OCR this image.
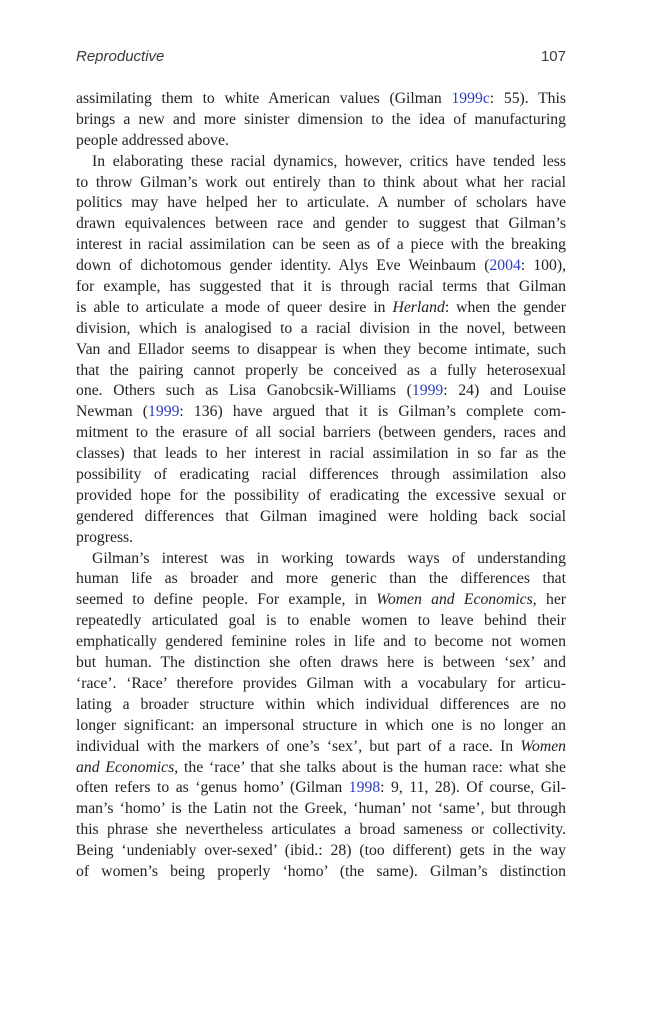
Reproductive	107
assimilating them to white American values (Gilman 1999c: 55). This
brings a new and more sinister dimension to the idea of manufacturing
people addressed above.
In elaborating these racial dynamics, however, critics have tended less
to throw Gilman’s work out entirely than to think about what her racial
politics may have helped her to articulate. A number of scholars have
drawn equivalences between race and gender to suggest that Gilman’s
interest in racial assimilation can be seen as of a piece with the breaking
down of dichotomous gender identity. Alys Eve Weinbaum (2004: 100),
for example, has suggested that it is through racial terms that Gilman
is able to articulate a mode of queer desire in Herland: when the gender
division, which is analogised to a racial division in the novel, between
Van and Ellador seems to disappear is when they become intimate, such
that the pairing cannot properly be conceived as a fully heterosexual
one. Others such as Lisa Ganobcsik-Williams (1999: 24) and Louise
Newman (1999: 136) have argued that it is Gilman’s complete com-
mitment to the erasure of all social barriers (between genders, races and
classes) that leads to her interest in racial assimilation in so far as the
possibility of eradicating racial differences through assimilation also
provided hope for the possibility of eradicating the excessive sexual or
gendered differences that Gilman imagined were holding back social
progress.
Gilman’s interest was in working towards ways of understanding
human life as broader and more generic than the differences that
seemed to define people. For example, in Women and Economics, her
repeatedly articulated goal is to enable women to leave behind their
emphatically gendered feminine roles in life and to become not women
but human. The distinction she often draws here is between ‘sex’ and
‘race’. ‘Race’ therefore provides Gilman with a vocabulary for articu-
lating a broader structure within which individual differences are no
longer significant: an impersonal structure in which one is no longer an
individual with the markers of one’s ‘sex’, but part of a race. In Women
and Economics, the ‘race’ that she talks about is the human race: what she
often refers to as ‘genus homo’ (Gilman 1998: 9, 11, 28). Of course, Gil-
man’s ‘homo’ is the Latin not the Greek, ‘human’ not ‘same’, but through
this phrase she nevertheless articulates a broad sameness or collectivity.
Being ‘undeniably over-sexed’ (ibid.: 28) (too different) gets in the way
of women’s being properly ‘homo’ (the same). Gilman’s distinction
